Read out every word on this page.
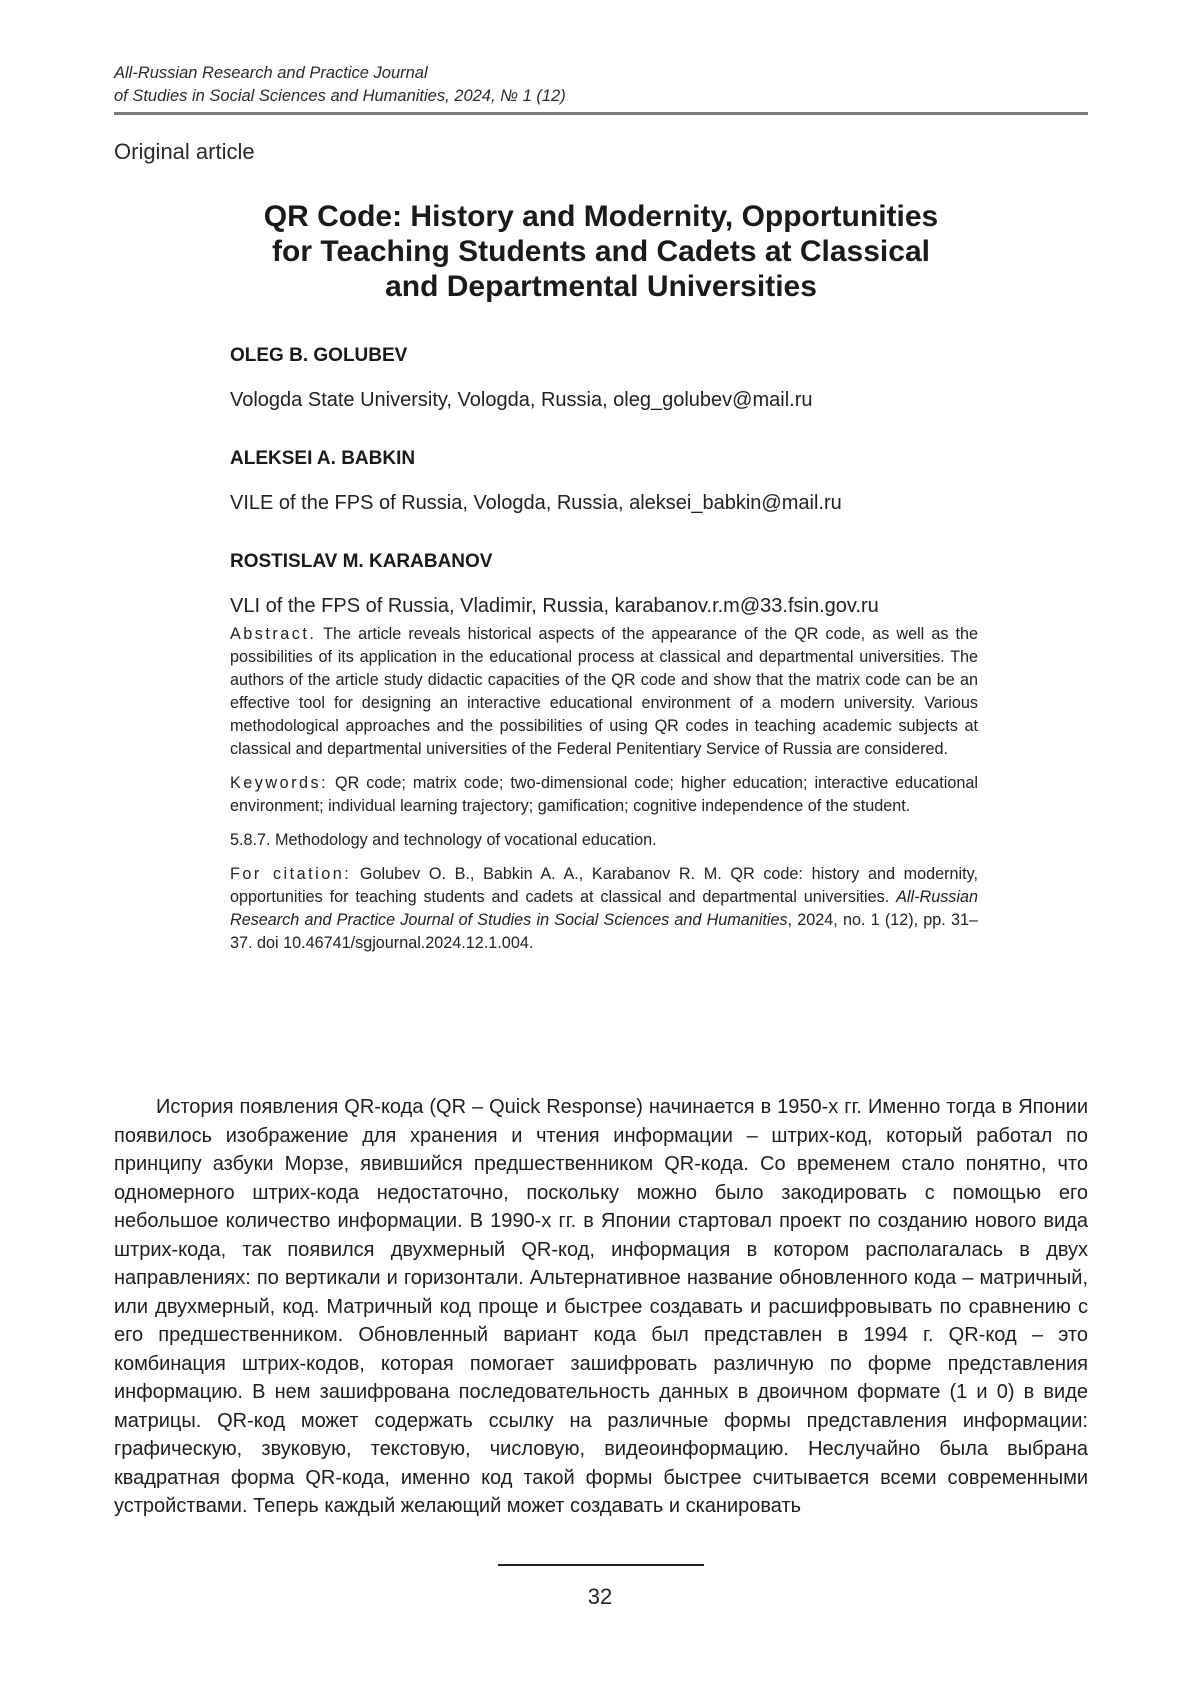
All-Russian Research and Practice Journal
of Studies in Social Sciences and Humanities, 2024, № 1 (12)
Original article
QR Code: History and Modernity, Opportunities
for Teaching Students and Cadets at Classical
and Departmental Universities
OLEG B. GOLUBEV
Vologda State University, Vologda, Russia, oleg_golubev@mail.ru
ALEKSEI A. BABKIN
VILE of the FPS of Russia, Vologda, Russia, aleksei_babkin@mail.ru
ROSTISLAV M. KARABANOV
VLI of the FPS of Russia, Vladimir, Russia, karabanov.r.m@33.fsin.gov.ru

Abstract. The article reveals historical aspects of the appearance of the QR code, as well as the possibilities of its application in the educational process at classical and departmental universities. The authors of the article study didactic capacities of the QR code and show that the matrix code can be an effective tool for designing an interactive educational environment of a modern university. Various methodological approaches and the possibilities of using QR codes in teaching academic subjects at classical and departmental universities of the Federal Penitentiary Service of Russia are considered.

Keywords: QR code; matrix code; two-dimensional code; higher education; interactive educational environment; individual learning trajectory; gamification; cognitive independence of the student.

5.8.7. Methodology and technology of vocational education.

For citation: Golubev O. B., Babkin A. A., Karabanov R. M. QR code: history and modernity, opportunities for teaching students and cadets at classical and departmental universities. All-Russian Research and Practice Journal of Studies in Social Sciences and Humanities, 2024, no. 1 (12), pp. 31–37. doi 10.46741/sgjournal.2024.12.1.004.

История появления QR-кода (QR – Quick Response) начинается в 1950-х гг. Именно тогда в Японии появилось изображение для хранения и чтения информации – штрих-код, который работал по принципу азбуки Морзе, явившийся предшественником QR-кода. Со временем стало понятно, что одномерного штрих-кода недостаточно, поскольку можно было закодировать с помощью его небольшое количество информации. В 1990-х гг. в Японии стартовал проект по созданию нового вида штрих-кода, так появился двухмерный QR-код, информация в котором располагалась в двух направлениях: по вертикали и горизонтали. Альтернативное название обновленного кода – матричный, или двухмерный, код. Матричный код проще и быстрее создавать и расшифровывать по сравнению с его предшественником. Обновленный вариант кода был представлен в 1994 г. QR-код – это комбинация штрих-кодов, которая помогает зашифровать различную по форме представления информацию. В нем зашифрована последовательность данных в двоичном формате (1 и 0) в виде матрицы. QR-код может содержать ссылку на различные формы представления информации: графическую, звуковую, текстовую, числовую, видеоинформацию. Неслучайно была выбрана квадратная форма QR-кода, именно код такой формы быстрее считывается всеми современными устройствами. Теперь каждый желающий может создавать и сканировать

32
